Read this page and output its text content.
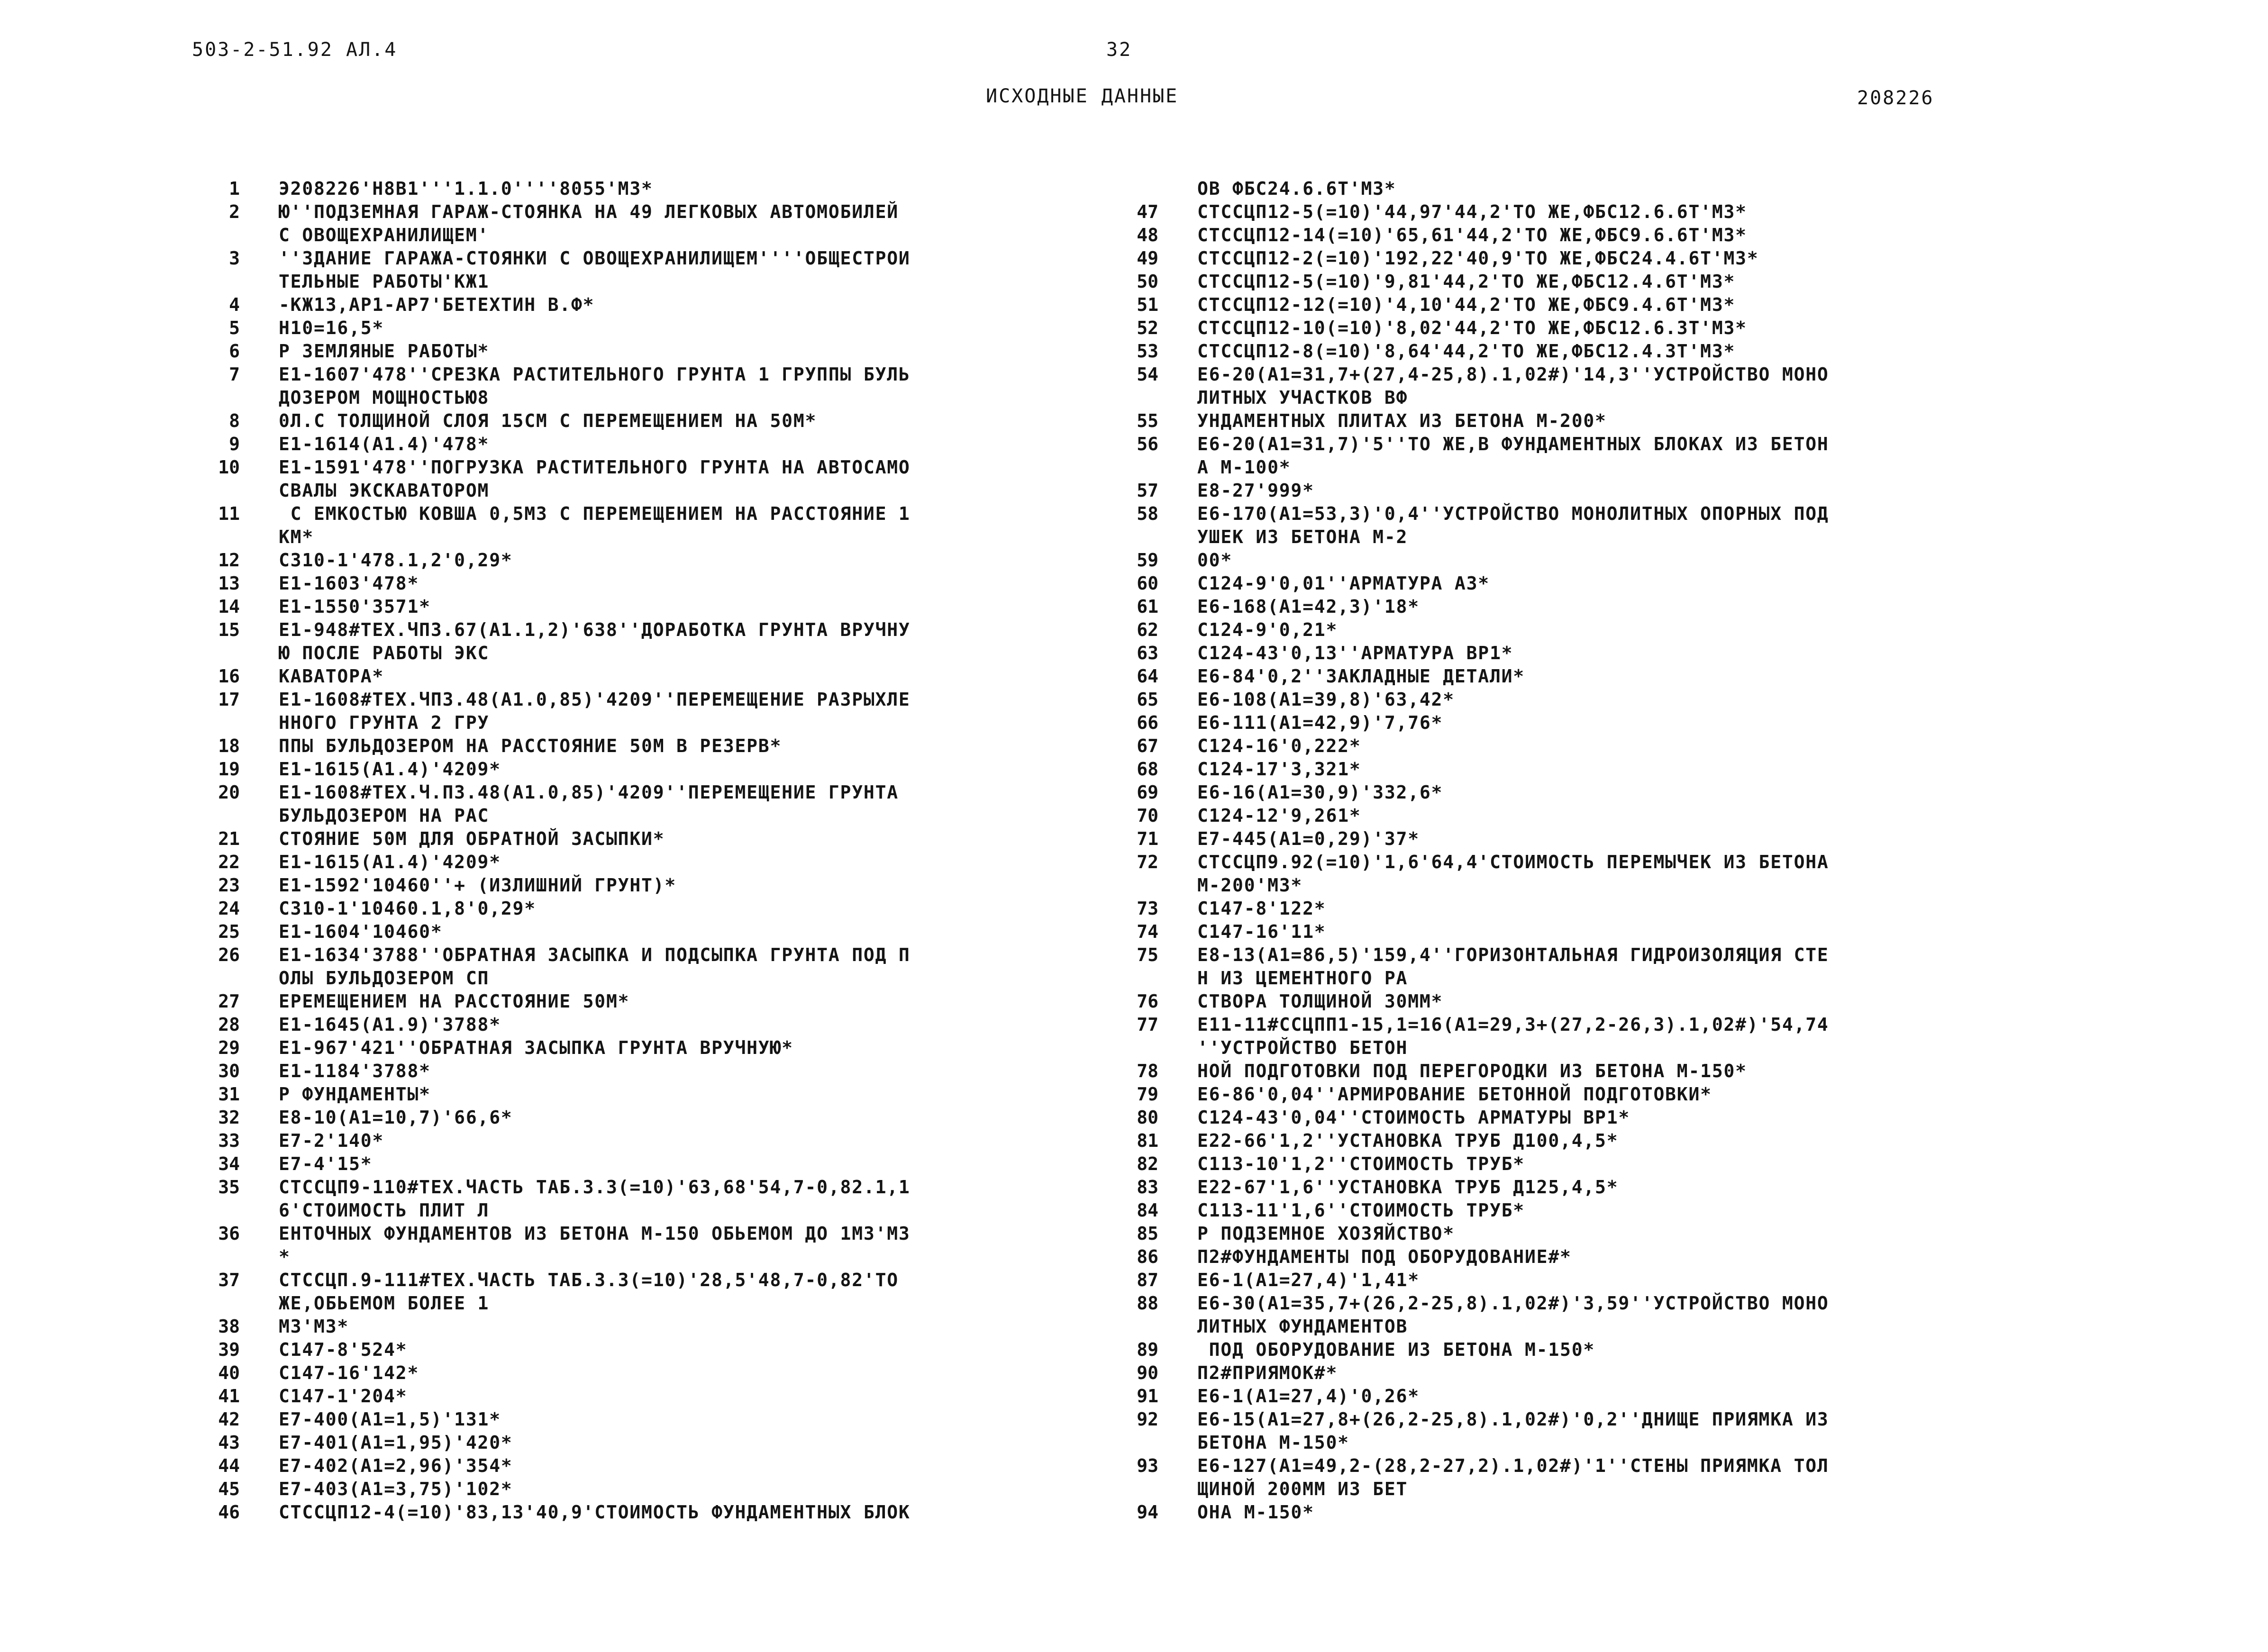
503-2-51.92 АЛ.4	32
ИСХОДНЫЕ ДАННЫЕ	208226
1 Э208226'Н8В1'''1.1.0''''8055'М3*
2 Ю''ПОДЗЕМНАЯ ГАРАЖ-СТОЯНКА НА 49 ЛЕГКОВЫХ АВТОМОБИЛЕЙ
С ОВОЩЕХРАНИЛИЩЕМ'
3 ''ЗДАНИЕ ГАРАЖА-СТОЯНКИ С ОВОЩЕХРАНИЛИЩЕМ''''ОБЩЕСТРОИ
ТЕЛЬНЫЕ РАБОТЫ'КЖ1
4 -КЖ13,АР1-АР7'БЕТЕХТИН В.Ф*
5 Н10=16,5*
6 Р ЗЕМЛЯНЫЕ РАБОТЫ*
7 Е1-1607'478''СРЕЗКА РАСТИТЕЛЬНОГО ГРУНТА 1 ГРУППЫ БУЛЬ
ДОЗЕРОМ МОЩНОСТЬЮ8
8 0Л.С ТОЛЩИНОЙ СЛОЯ 15СМ С ПЕРЕМЕЩЕНИЕМ НА 50М*
9 Е1-1614(А1.4)'478*
10 Е1-1591'478''ПОГРУЗКА РАСТИТЕЛЬНОГО ГРУНТА НА АВТОСАМО
СВАЛЫ ЭКСКАВАТОРОМ
11 С ЕМКОСТЬЮ КОВША 0,5М3 С ПЕРЕМЕЩЕНИЕМ НА РАССТОЯНИЕ 1
КМ*
12 С310-1'478.1,2'0,29*
13 Е1-1603'478*
14 Е1-1550'3571*
15 Е1-948#ТЕХ.ЧП3.67(А1.1,2)'638''ДОРАБОТКА ГРУНТА ВРУЧНУ
Ю ПОСЛЕ РАБОТЫ ЭКС
16 КАВАТОРА*
17 Е1-1608#ТЕХ.ЧП3.48(А1.0,85)'4209''ПЕРЕМЕЩЕНИЕ РАЗРЫХЛЕ
ННОГО ГРУНТА 2 ГРУ
18 ППЫ БУЛЬДОЗЕРОМ НА РАССТОЯНИЕ 50М В РЕЗЕРВ*
19 Е1-1615(А1.4)'4209*
20 Е1-1608#ТЕХ.Ч.П3.48(А1.0,85)'4209''ПЕРЕМЕЩЕНИЕ ГРУНТА
БУЛЬДОЗЕРОМ НА РАС
21 СТОЯНИЕ 50М ДЛЯ ОБРАТНОЙ ЗАСЫПКИ*
22 Е1-1615(А1.4)'4209*
23 Е1-1592'10460''+ (ИЗЛИШНИЙ ГРУНТ)*
24 С310-1'10460.1,8'0,29*
25 Е1-1604'10460*
26 Е1-1634'3788''ОБРАТНАЯ ЗАСЫПКА И ПОДСЫПКА ГРУНТА ПОД П
ОЛЫ БУЛЬДОЗЕРОМ СП
27 ЕРЕМЕЩЕНИЕМ НА РАССТОЯНИЕ 50М*
28 Е1-1645(А1.9)'3788*
29 Е1-967'421''ОБРАТНАЯ ЗАСЫПКА ГРУНТА ВРУЧНУЮ*
30 Е1-1184'3788*
31 Р ФУНДАМЕНТЫ*
32 Е8-10(А1=10,7)'66,6*
33 Е7-2'140*
34 Е7-4'15*
35 СТССЦП9-110#ТЕХ.ЧАСТЬ ТАБ.3.3(=10)'63,68'54,7-0,82.1,1
6'СТОИМОСТЬ ПЛИТ Л
36 ЕНТОЧНЫХ ФУНДАМЕНТОВ ИЗ БЕТОНА М-150 ОБЬЕМОМ ДО 1М3'М3
*
37 СТССЦП.9-111#ТЕХ.ЧАСТЬ ТАБ.3.3(=10)'28,5'48,7-0,82'ТО
ЖЕ,ОБЬЕМОМ БОЛЕЕ 1
38 М3'М3*
39 С147-8'524*
40 С147-16'142*
41 С147-1'204*
42 Е7-400(А1=1,5)'131*
43 Е7-401(А1=1,95)'420*
44 Е7-402(А1=2,96)'354*
45 Е7-403(А1=3,75)'102*
46 СТССЦП12-4(=10)'83,13'40,9'СТОИМОСТЬ ФУНДАМЕНТНЫХ БЛОК
ОВ ФБС24.6.6Т'М3*
47 СТССЦП12-5(=10)'44,97'44,2'ТО ЖЕ,ФБС12.6.6Т'М3*
48 СТССЦП12-14(=10)'65,61'44,2'ТО ЖЕ,ФБС9.6.6Т'М3*
49 СТССЦП12-2(=10)'192,22'40,9'ТО ЖЕ,ФБС24.4.6Т'М3*
50 СТССЦП12-5(=10)'9,81'44,2'ТО ЖЕ,ФБС12.4.6Т'М3*
51 СТССЦП12-12(=10)'4,10'44,2'ТО ЖЕ,ФБС9.4.6Т'М3*
52 СТССЦП12-10(=10)'8,02'44,2'ТО ЖЕ,ФБС12.6.3Т'М3*
53 СТССЦП12-8(=10)'8,64'44,2'ТО ЖЕ,ФБС12.4.3Т'М3*
54 Е6-20(А1=31,7+(27,4-25,8).1,02#)'14,3''УСТРОЙСТВО МОНО
ЛИТНЫХ УЧАСТКОВ ВФ
55 УНДАМЕНТНЫХ ПЛИТАХ ИЗ БЕТОНА М-200*
56 Е6-20(А1=31,7)'5''ТО ЖЕ,В ФУНДАМЕНТНЫХ БЛОКАХ ИЗ БЕТОН
А М-100*
57 Е8-27'999*
58 Е6-170(А1=53,3)'0,4''УСТРОЙСТВО МОНОЛИТНЫХ ОПОРНЫХ ПОД
УШЕК ИЗ БЕТОНА М-2
59 00*
60 С124-9'0,01''АРМАТУРА А3*
61 Е6-168(А1=42,3)'18*
62 С124-9'0,21*
63 С124-43'0,13''АРМАТУРА ВР1*
64 Е6-84'0,2''ЗАКЛАДНЫЕ ДЕТАЛИ*
65 Е6-108(А1=39,8)'63,42*
66 Е6-111(А1=42,9)'7,76*
67 С124-16'0,222*
68 С124-17'3,321*
69 Е6-16(А1=30,9)'332,6*
70 С124-12'9,261*
71 Е7-445(А1=0,29)'37*
72 СТССЦП9.92(=10)'1,6'64,4'СТОИМОСТЬ ПЕРЕМЫЧЕК ИЗ БЕТОНА
М-200'М3*
73 С147-8'122*
74 С147-16'11*
75 Е8-13(А1=86,5)'159,4''ГОРИЗОНТАЛЬНАЯ ГИДРОИЗОЛЯЦИЯ СТЕ
Н ИЗ ЦЕМЕНТНОГО РА
76 СТВОРА ТОЛЩИНОЙ 30ММ*
77 Е11-11#ССЦПП1-15,1=16(А1=29,3+(27,2-26,3).1,02#)'54,74
''УСТРОЙСТВО БЕТОН
78 НОЙ ПОДГОТОВКИ ПОД ПЕРЕГОРОДКИ ИЗ БЕТОНА М-150*
79 Е6-86'0,04''АРМИРОВАНИЕ БЕТОННОЙ ПОДГОТОВКИ*
80 С124-43'0,04''СТОИМОСТЬ АРМАТУРЫ ВР1*
81 Е22-66'1,2''УСТАНОВКА ТРУБ Д100,4,5*
82 С113-10'1,2''СТОИМОСТЬ ТРУБ*
83 Е22-67'1,6''УСТАНОВКА ТРУБ Д125,4,5*
84 С113-11'1,6''СТОИМОСТЬ ТРУБ*
85 Р ПОДЗЕМНОЕ ХОЗЯЙСТВО*
86 П2#ФУНДАМЕНТЫ ПОД ОБОРУДОВАНИЕ#*
87 Е6-1(А1=27,4)'1,41*
88 Е6-30(А1=35,7+(26,2-25,8).1,02#)'3,59''УСТРОЙСТВО МОНО
ЛИТНЫХ ФУНДАМЕНТОВ
89 ПОД ОБОРУДОВАНИЕ ИЗ БЕТОНА М-150*
90 П2#ПРИЯМОК#*
91 Е6-1(А1=27,4)'0,26*
92 Е6-15(А1=27,8+(26,2-25,8).1,02#)'0,2''ДНИЩЕ ПРИЯМКА ИЗ
БЕТОНА М-150*
93 Е6-127(А1=49,2-(28,2-27,2).1,02#)'1''СТЕНЫ ПРИЯМКА ТОЛ
ЩИНОЙ 200ММ ИЗ БЕТ
94 ОНА М-150*
